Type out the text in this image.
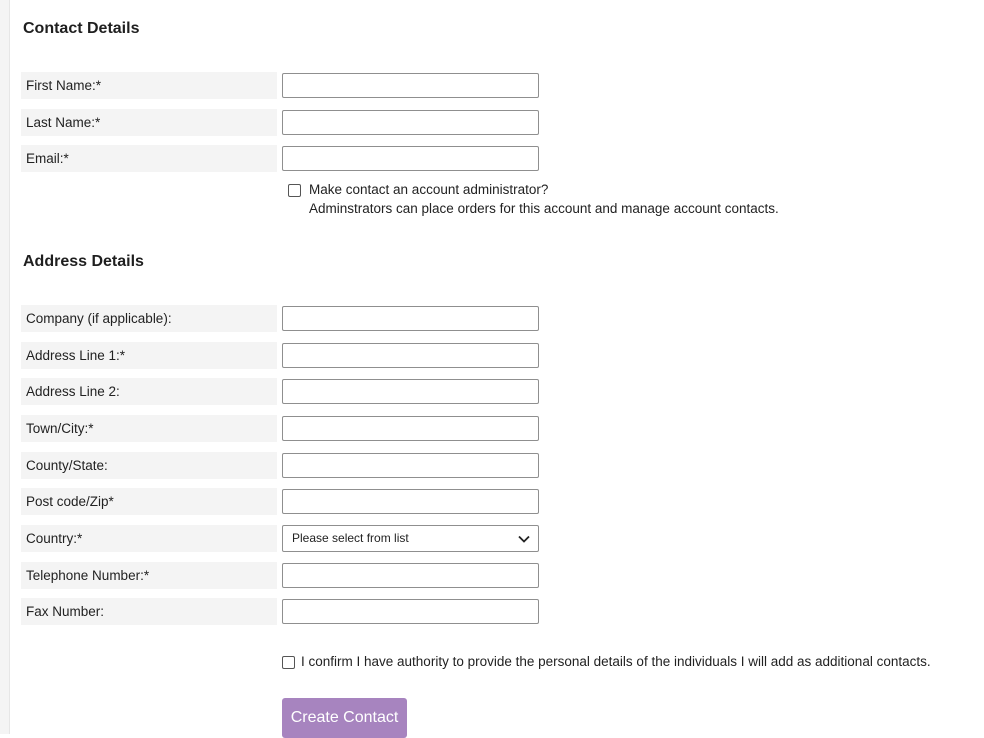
Contact Details
First Name:*
Last Name:*
Email:*
Make contact an account administrator?
Adminstrators can place orders for this account and manage account contacts.
Address Details
Company (if applicable):
Address Line 1:*
Address Line 2:
Town/City:*
County/State:
Post code/Zip*
Country:*	Please select from list
Telephone Number:*
Fax Number:
I confirm I have authority to provide the personal details of the individuals I will add as additional contacts.
Create Contact
